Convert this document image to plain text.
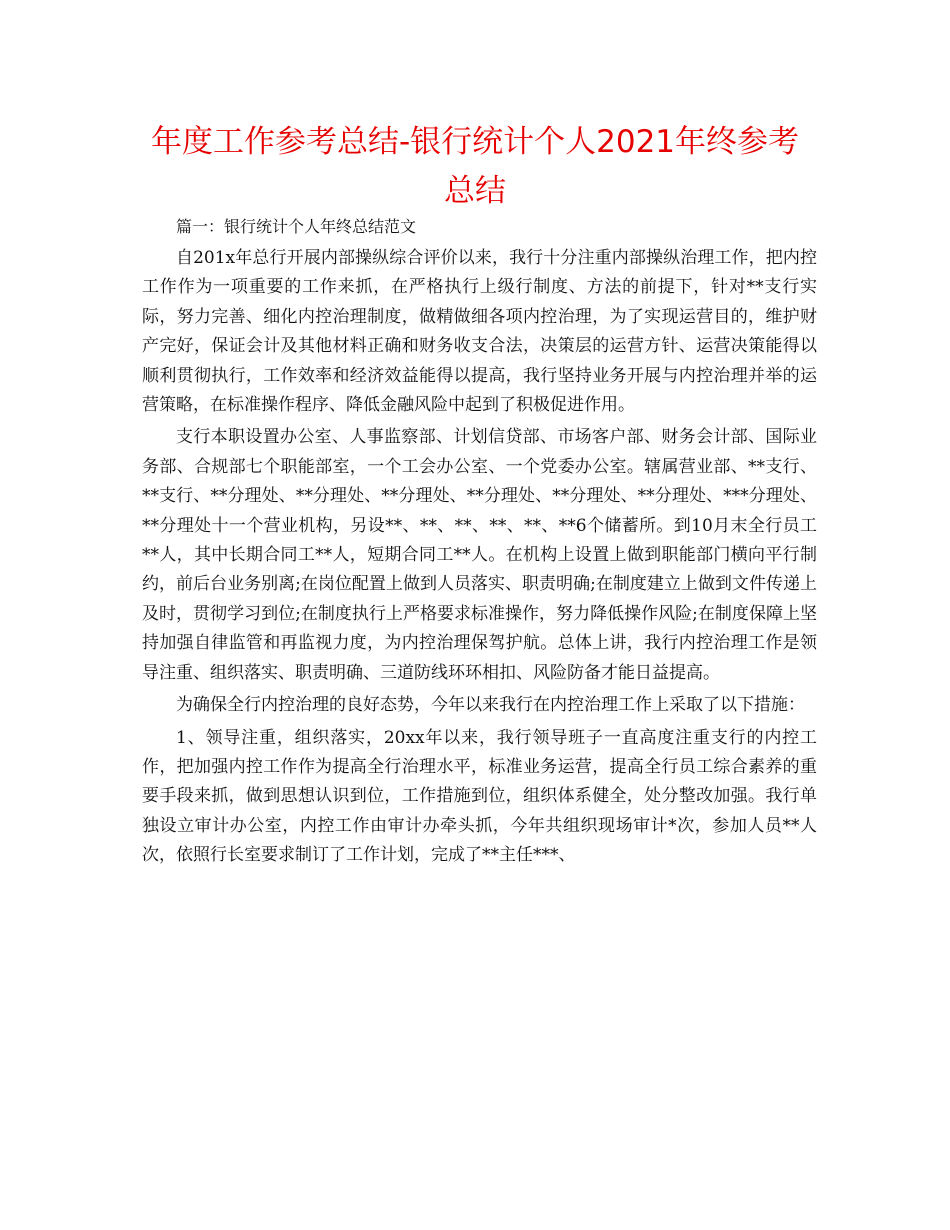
年度工作参考总结-银行统计个人2021年终参考总结

篇一：银行统计个人年终总结范文

自201x年总行开展内部操纵综合评价以来，我行十分注重内部操纵治理工作，把内控工作作为一项重要的工作来抓，在严格执行上级行制度、方法的前提下，针对**支行实际，努力完善、细化内控治理制度，做精做细各项内控治理，为了实现运营目的，维护财产完好，保证会计及其他材料正确和财务收支合法，决策层的运营方针、运营决策能得以顺利贯彻执行，工作效率和经济效益能得以提高，我行坚持业务开展与内控治理并举的运营策略，在标准操作程序、降低金融风险中起到了积极促进作用。

支行本职设置办公室、人事监察部、计划信贷部、市场客户部、财务会计部、国际业务部、合规部七个职能部室，一个工会办公室、一个党委办公室。辖属营业部、**支行、**支行、**分理处、**分理处、**分理处、**分理处、**分理处、**分理处、***分理处、**分理处十一个营业机构，另设**、**、**、**、**、**6个储蓄所。到10月末全行员工**人，其中长期合同工**人，短期合同工**人。在机构上设置上做到职能部门横向平行制约，前后台业务别离;在岗位配置上做到人员落实、职责明确;在制度建立上做到文件传递上及时，贯彻学习到位;在制度执行上严格要求标准操作，努力降低操作风险;在制度保障上坚持加强自律监管和再监视力度，为内控治理保驾护航。总体上讲，我行内控治理工作是领导注重、组织落实、职责明确、三道防线环环相扣、风险防备才能日益提高。

为确保全行内控治理的良好态势，今年以来我行在内控治理工作上采取了以下措施：

1、领导注重，组织落实，20xx年以来，我行领导班子一直高度注重支行的内控工作，把加强内控工作作为提高全行治理水平，标准业务运营，提高全行员工综合素养的重要手段来抓，做到思想认识到位，工作措施到位，组织体系健全，处分整改加强。我行单独设立审计办公室，内控工作由审计办牵头抓，今年共组织现场审计*次，参加人员**人次，依照行长室要求制订了工作计划，完成了**主任***、
